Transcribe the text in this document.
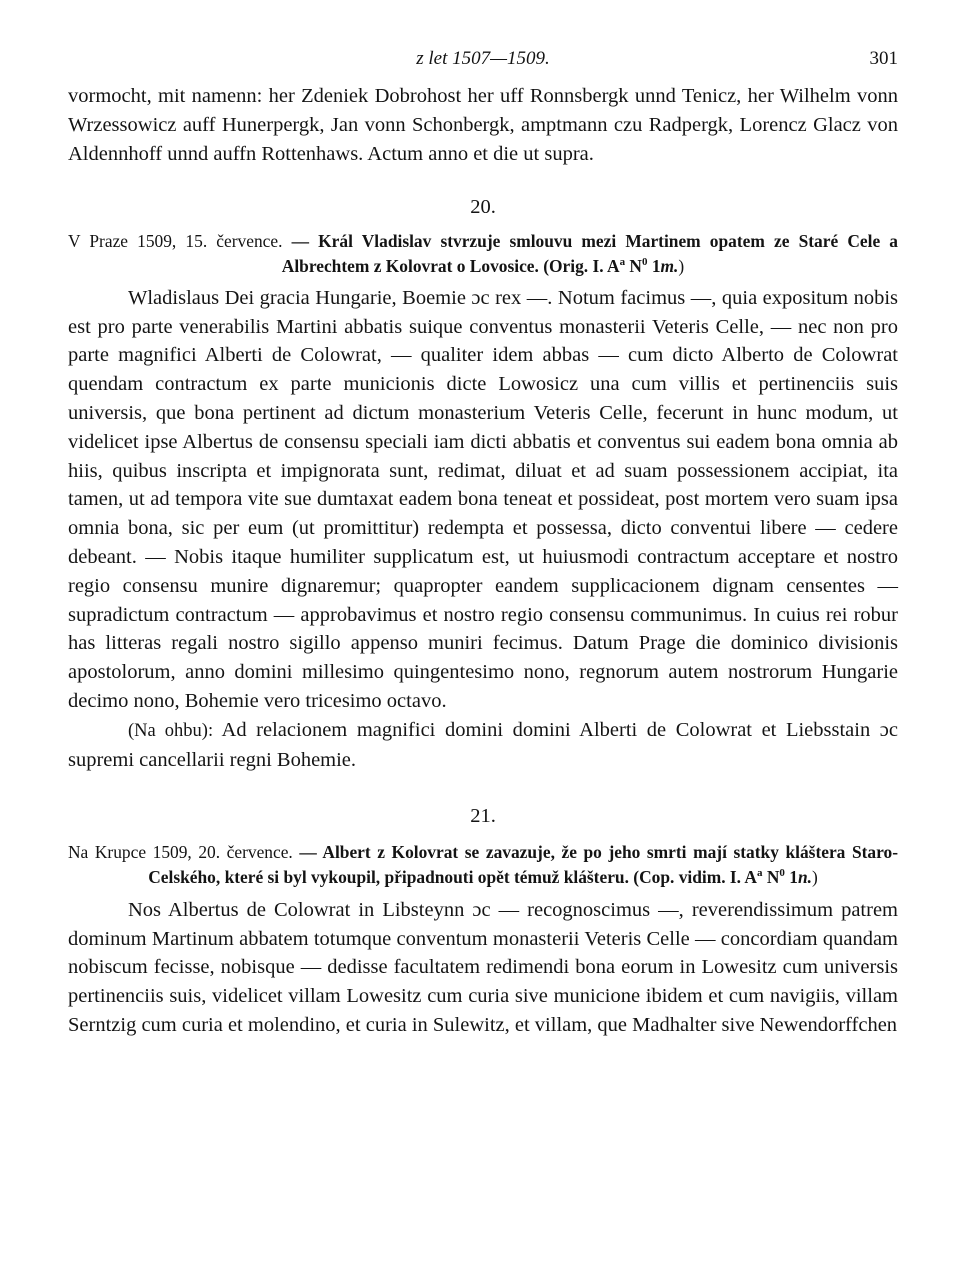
z let 1507—1509.	301

vormocht, mit namenn: her Zdeniek Dobrohost her uff Ronnsbergk unnd Tenicz, her Wilhelm vonn Wrzessowicz auff Hunerpergk, Jan vonn Schonbergk, amptmann czu Radpergk, Lorencz Glacz von Aldennhoff unnd auffn Rottenhaws. Actum anno et die ut supra.

20.

V Praze 1509, 15. července. — Král Vladislav stvrzuje smlouvu mezi Martinem opatem ze Staré Cele a Albrechtem z Kolovrat o Lovosice. (Orig. I. $A^a$ $N^0$ 1m.)

Wladislaus Dei gracia Hungarie, Boemie ɔc rex —. Notum facimus —, quia expositum nobis est pro parte venerabilis Martini abbatis suique conventus monasterii Veteris Celle, — nec non pro parte magnifici Alberti de Colowrat, — qualiter idem abbas — cum dicto Alberto de Colowrat quendam contractum ex parte municionis dicte Lowosicz una cum villis et pertinenciis suis universis, que bona pertinent ad dictum monasterium Veteris Celle, fecerunt in hunc modum, ut videlicet ipse Albertus de consensu speciali iam dicti abbatis et conventus sui eadem bona omnia ab hiis, quibus inscripta et impignorata sunt, redimat, diluat et ad suam possessionem accipiat, ita tamen, ut ad tempora vite sue dumtaxat eadem bona teneat et possideat, post mortem vero suam ipsa omnia bona, sic per eum (ut promittitur) redempta et possessa, dicto conventui libere — cedere debeant. — Nobis itaque humiliter supplicatum est, ut huiusmodi contractum acceptare et nostro regio consensu munire dignaremur; quapropter eandem supplicacionem dignam censentes — supradictum contractum — approbavimus et nostro regio consensu communimus. In cuius rei robur has litteras regali nostro sigillo appenso muniri fecimus. Datum Prage die dominico divisionis apostolorum, anno domini millesimo quingentesimo nono, regnorum autem nostrorum Hungarie decimo nono, Bohemie vero tricesimo octavo.

(Na ohbu): Ad relacionem magnifici domini domini Alberti de Colowrat et Liebsstain ɔc supremi cancellarii regni Bohemie.

21.

Na Krupce 1509, 20. července. — Albert z Kolovrat se zavazuje, že po jeho smrti mají statky kláštera Staro-Celského, které si byl vykoupil, připadnouti opět témuž klášteru. (Cop. vidim. I. $A^a$ $N^0$ 1n.)

Nos Albertus de Colowrat in Libsteynn ɔc — recognoscimus —, reverendissimum patrem dominum Martinum abbatem totumque conventum monasterii Veteris Celle — concordiam quandam nobiscum fecisse, nobisque — dedisse facultatem redimendi bona eorum in Lowesitz cum universis pertinenciis suis, videlicet villam Lowesitz cum curia sive municione ibidem et cum navigiis, villam Serntzig cum curia et molendino, et curia in Sulewitz, et villam, que Madhalter sive Newendorffchen
